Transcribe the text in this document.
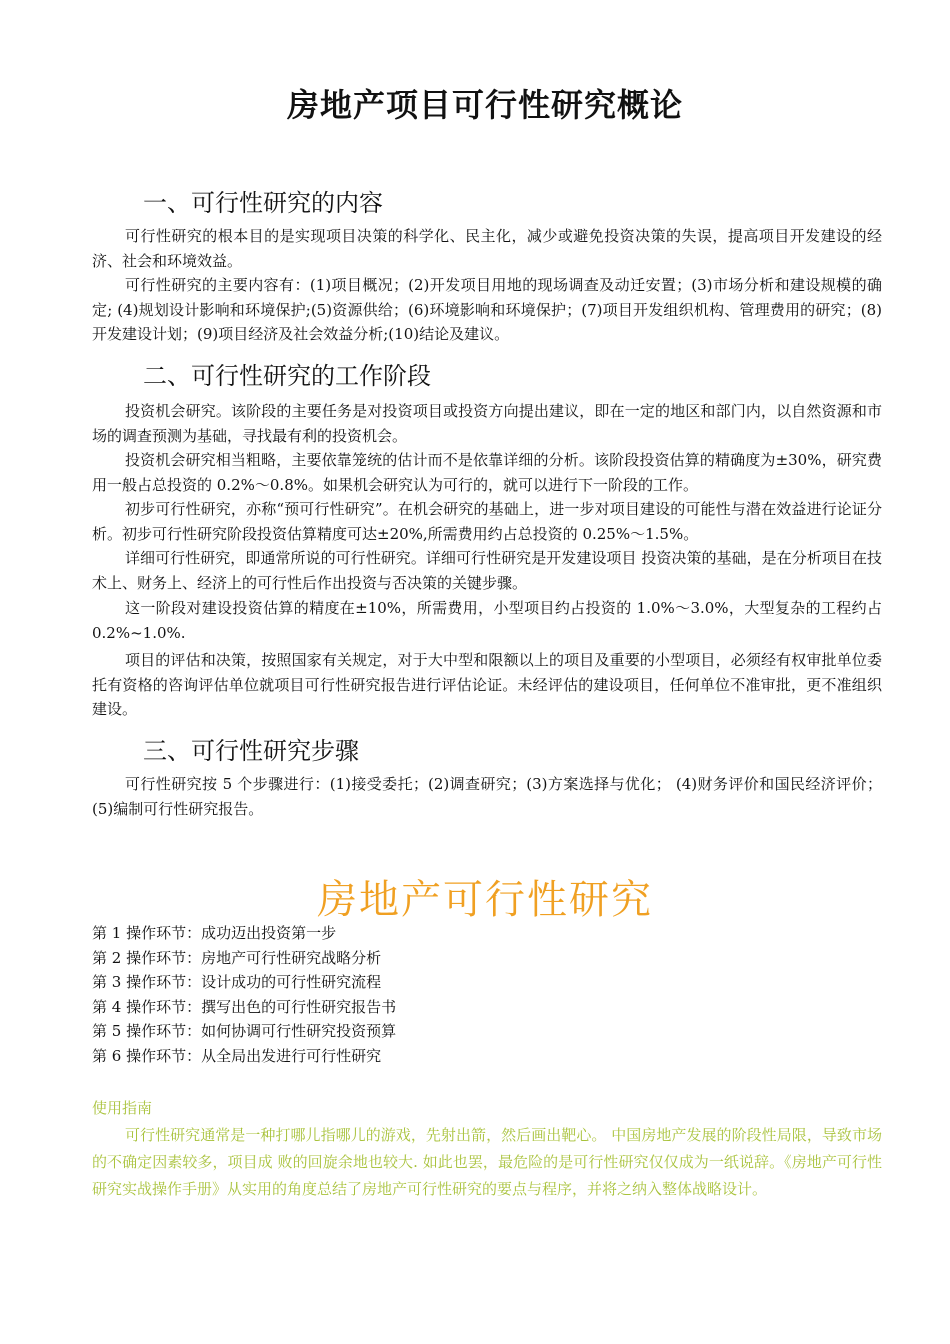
房地产项目可行性研究概论
一、可行性研究的内容

可行性研究的根本目的是实现项目决策的科学化、民主化，减少或避免投资决策的失误，提高项目开发建设的经济、社会和环境效益。

可行性研究的主要内容有：(1)项目概况；(2)开发项目用地的现场调查及动迁安置；(3)市场分析和建设规模的确定; (4)规划设计影响和环境保护;(5)资源供给；(6)环境影响和环境保护；(7)项目开发组织机构、管理费用的研究；(8)开发建设计划；(9)项目经济及社会效益分析;(10)结论及建议。

二、可行性研究的工作阶段

投资机会研究。该阶段的主要任务是对投资项目或投资方向提出建议，即在一定的地区和部门内，以自然资源和市场的调查预测为基础，寻找最有利的投资机会。

投资机会研究相当粗略，主要依靠笼统的估计而不是依靠详细的分析。该阶段投资估算的精确度为±30%，研究费用一般占总投资的 0.2%～0.8%。如果机会研究认为可行的，就可以进行下一阶段的工作。

初步可行性研究，亦称“预可行性研究”。在机会研究的基础上，进一步对项目建设的可能性与潜在效益进行论证分析。初步可行性研究阶段投资估算精度可达±20%,所需费用约占总投资的 0.25%～1.5%。

详细可行性研究，即通常所说的可行性研究。详细可行性研究是开发建设项目 投资决策的基础，是在分析项目在技术上、财务上、经济上的可行性后作出投资与否决策的关键步骤。

这一阶段对建设投资估算的精度在±10%，所需费用，小型项目约占投资的 1.0%～3.0%，大型复杂的工程约占 0.2%~1.0%.

项目的评估和决策，按照国家有关规定，对于大中型和限额以上的项目及重要的小型项目，必须经有权审批单位委托有资格的咨询评估单位就项目可行性研究报告进行评估论证。未经评估的建设项目，任何单位不准审批，更不准组织建设。

三、可行性研究步骤

可行性研究按 5 个步骤进行：(1)接受委托；(2)调查研究；(3)方案选择与优化； (4)财务评价和国民经济评价；(5)编制可行性研究报告。

房地产可行性研究
第 1 操作环节：成功迈出投资第一步
第 2 操作环节：房地产可行性研究战略分析
第 3 操作环节：设计成功的可行性研究流程
第 4 操作环节：撰写出色的可行性研究报告书
第 5 操作环节：如何协调可行性研究投资预算
第 6 操作环节：从全局出发进行可行性研究
使用指南

可行性研究通常是一种打哪儿指哪儿的游戏，先射出箭，然后画出靶心。 中国房地产发展的阶段性局限，导致市场的不确定因素较多，项目成 败的回旋余地也较大. 如此也罢，最危险的是可行性研究仅仅成为一纸说辞。《房地产可行性研究实战操作手册》从实用的角度总结了房地产可行性研究的要点与程序，并将之纳入整体战略设计。
